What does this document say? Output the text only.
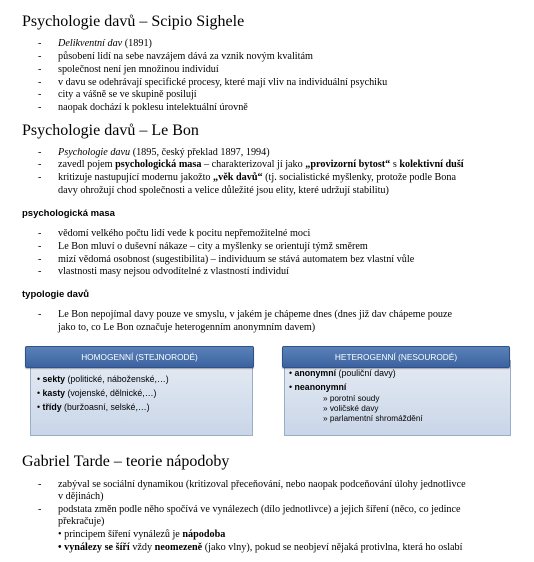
Psychologie davů – Scipio Sighele
- Delikventní dav (1891)
- působení lidí na sebe navzájem dává za vznik novým kvalitám
- společnost není jen množinou individuí
- v davu se odehrávají specifické procesy, které mají vliv na individuální psychiku
- city a vášně se ve skupině posilují
- naopak dochází k poklesu intelektuální úrovně
Psychologie davů – Le Bon
- Psychologie davu (1895, český překlad 1897, 1994)
- zavedl pojem psychologická masa – charakterizoval jí jako „provizorní bytost“ s kolektivní duší
- kritizuje nastupující modernu jakožto „věk davů“ (tj. socialistické myšlenky, protože podle Bona
davy ohrožují chod společnosti a velice důležité jsou elity, které udržují stabilitu)
psychologická masa
- vědomí velkého počtu lidí vede k pocitu nepřemožitelné moci
- Le Bon mluví o duševní nákaze – city a myšlenky se orientují týmž směrem
- mizí vědomá osobnost (sugestibilita) – individuum se stává automatem bez vlastní vůle
- vlastnosti masy nejsou odvodítelné z vlastností individuí
typologie davů
- Le Bon nepojímal davy pouze ve smyslu, v jakém je chápeme dnes (dnes již dav chápeme pouze
jako to, co Le Bon označuje heterogenním anonymním davem)
• sekty (politické, náboženské,…)
• kasty (vojenské, dělnické,…)
• třídy (buržoasní, selské,…)
HOMOGENNÍ (STEJNORODÉ)
• anonymní (pouliční davy)
• neanonymní
» porotní soudy
» voličské davy
» parlamentní shromáždění
HETEROGENNÍ (NESOURODÉ)
Gabriel Tarde – teorie nápodoby
- zabýval se sociální dynamikou (kritizoval přeceňování, nebo naopak podceňování úlohy jednotlivce
v dějinách)
- podstata změn podle něho spočívá ve vynálezech (dílo jednotlivce) a jejich šíření (něco, co jedince
překračuje)
• principem šíření vynálezů je nápodoba
• vynálezy se šíří vždy neomezeně (jako vlny), pokud se neobjeví nějaká protivlna, která ho oslabí
